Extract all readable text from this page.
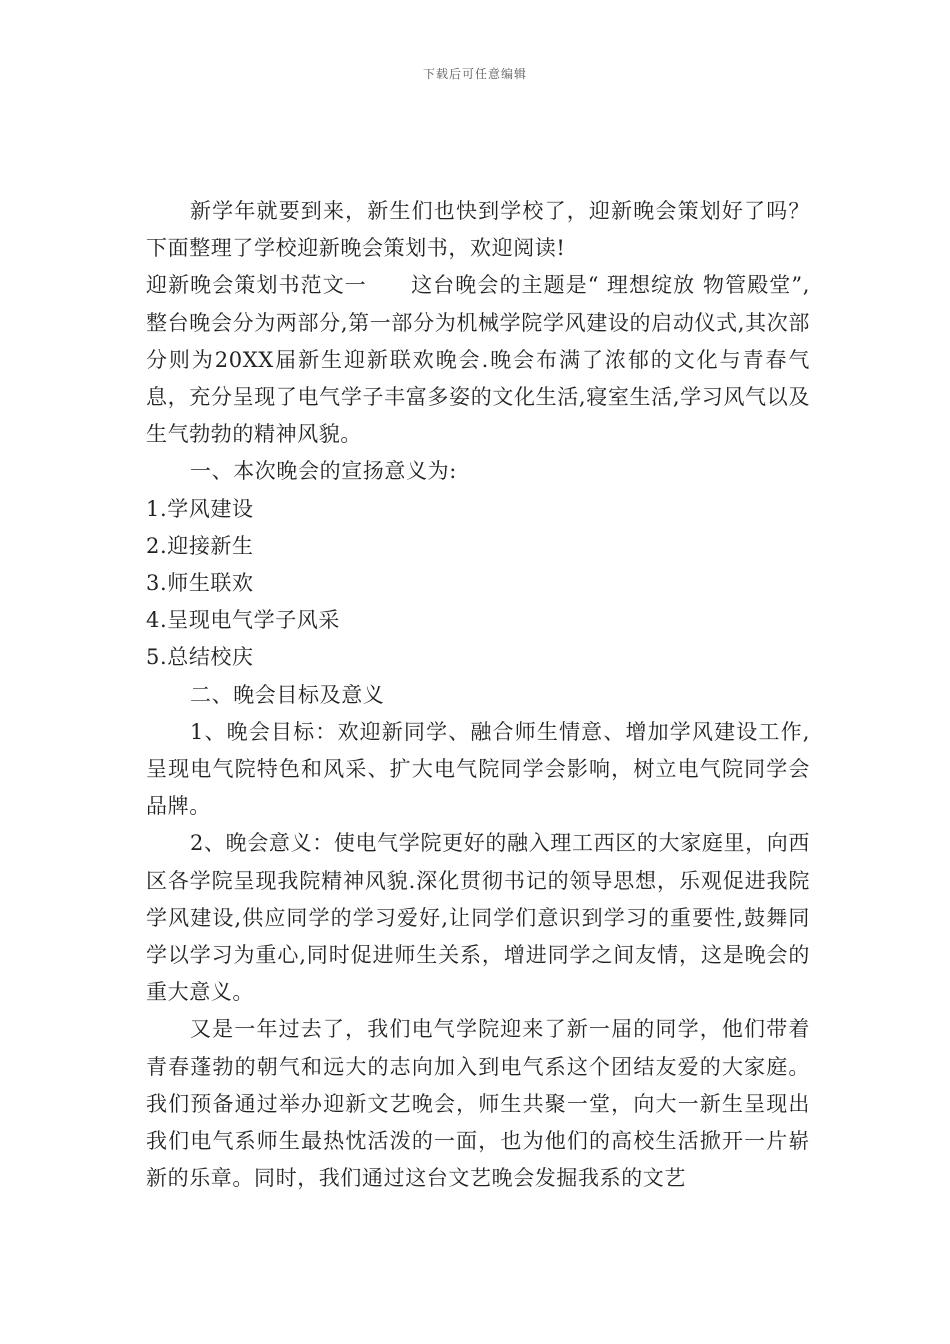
下载后可任意编辑

新学年就要到来，新生们也快到学校了，迎新晚会策划好了吗？下面整理了学校迎新晚会策划书，欢迎阅读!

迎新晚会策划书范文一　　这台晚会的主题是“ 理想绽放 物管殿堂”,整台晚会分为两部分,第一部分为机械学院学风建设的启动仪式,其次部分则为20XX届新生迎新联欢晚会.晚会布满了浓郁的文化与青春气息，充分呈现了电气学子丰富多姿的文化生活,寝室生活,学习风气以及生气勃勃的精神风貌。

一、本次晚会的宣扬意义为:

1.学风建设

2.迎接新生

3.师生联欢

4.呈现电气学子风采

5.总结校庆

二、晚会目标及意义

1、晚会目标：欢迎新同学、融合师生情意、增加学风建设工作,呈现电气院特色和风采、扩大电气院同学会影响，树立电气院同学会品牌。

2、晚会意义：使电气学院更好的融入理工西区的大家庭里，向西区各学院呈现我院精神风貌.深化贯彻书记的领导思想，乐观促进我院学风建设,供应同学的学习爱好,让同学们意识到学习的重要性,鼓舞同学以学习为重心,同时促进师生关系，增进同学之间友情，这是晚会的重大意义。

又是一年过去了，我们电气学院迎来了新一届的同学，他们带着青春蓬勃的朝气和远大的志向加入到电气系这个团结友爱的大家庭。我们预备通过举办迎新文艺晚会，师生共聚一堂，向大一新生呈现出我们电气系师生最热忱活泼的一面，也为他们的高校生活掀开一片崭新的乐章。同时，我们通过这台文艺晚会发掘我系的文艺
